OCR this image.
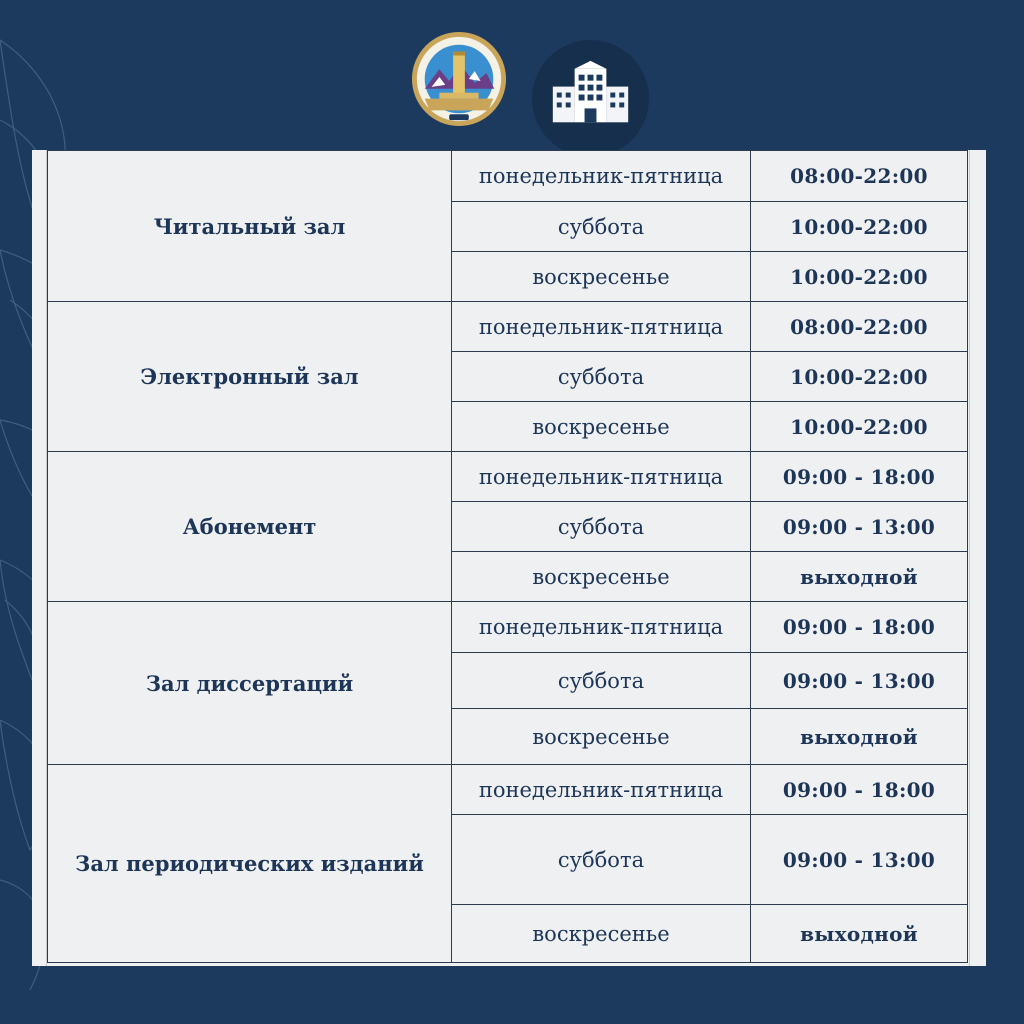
Читальный зал	понедельник-пятница	08:00-22:00
	суббота	10:00-22:00
	воскресенье	10:00-22:00
Электронный зал	понедельник-пятница	08:00-22:00
	суббота	10:00-22:00
	воскресенье	10:00-22:00
Абонемент	понедельник-пятница	09:00 - 18:00
	суббота	09:00 - 13:00
	воскресенье	выходной
Зал диссертаций	понедельник-пятница	09:00 - 18:00
	суббота	09:00 - 13:00
	воскресенье	выходной
Зал периодических изданий	понедельник-пятница	09:00 - 18:00
	суббота	09:00 - 13:00
	воскресенье	выходной
